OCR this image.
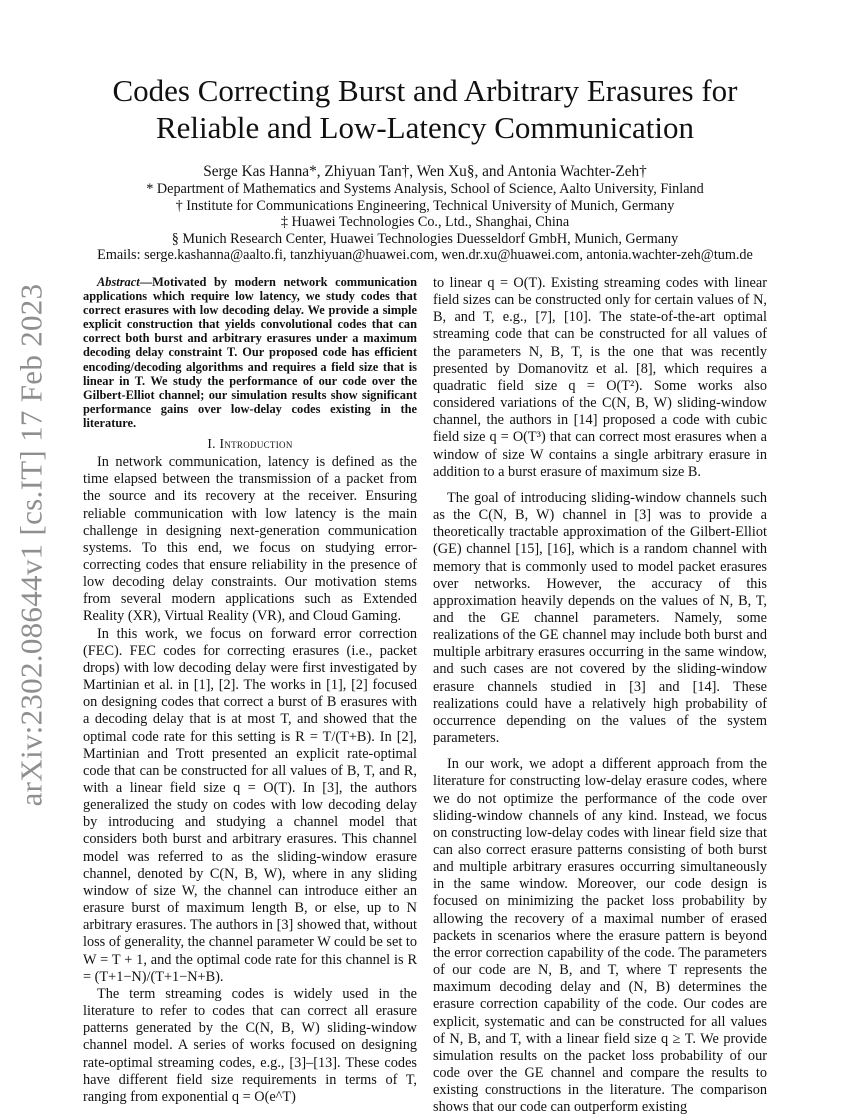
arXiv:2302.08644v1 [cs.IT] 17 Feb 2023
Codes Correcting Burst and Arbitrary Erasures for
Reliable and Low-Latency Communication
Serge Kas Hanna*, Zhiyuan Tan†, Wen Xu§, and Antonia Wachter-Zeh†
* Department of Mathematics and Systems Analysis, School of Science, Aalto University, Finland
† Institute for Communications Engineering, Technical University of Munich, Germany
‡ Huawei Technologies Co., Ltd., Shanghai, China
§ Munich Research Center, Huawei Technologies Duesseldorf GmbH, Munich, Germany
Emails: serge.kashanna@aalto.fi, tanzhiyuan@huawei.com, wen.dr.xu@huawei.com, antonia.wachter-zeh@tum.de

Abstract—Motivated by modern network communication applications which require low latency, we study codes that correct erasures with low decoding delay. We provide a simple explicit construction that yields convolutional codes that can correct both burst and arbitrary erasures under a maximum decoding delay constraint T. Our proposed code has efficient encoding/decoding algorithms and requires a field size that is linear in T. We study the performance of our code over the Gilbert-Elliot channel; our simulation results show significant performance gains over low-delay codes existing in the literature.

I. Introduction

In network communication, latency is defined as the time elapsed between the transmission of a packet from the source and its recovery at the receiver. Ensuring reliable communication with low latency is the main challenge in designing next-generation communication systems. To this end, we focus on studying error-correcting codes that ensure reliability in the presence of low decoding delay constraints. Our motivation stems from several modern applications such as Extended Reality (XR), Virtual Reality (VR), and Cloud Gaming.

In this work, we focus on forward error correction (FEC). FEC codes for correcting erasures (i.e., packet drops) with low decoding delay were first investigated by Martinian et al. in [1], [2]. The works in [1], [2] focused on designing codes that correct a burst of B erasures with a decoding delay that is at most T, and showed that the optimal code rate for this setting is R = T/(T+B). In [2], Martinian and Trott presented an explicit rate-optimal code that can be constructed for all values of B, T, and R, with a linear field size q = O(T). In [3], the authors generalized the study on codes with low decoding delay by introducing and studying a channel model that considers both burst and arbitrary erasures. This channel model was referred to as the sliding-window erasure channel, denoted by C(N, B, W), where in any sliding window of size W, the channel can introduce either an erasure burst of maximum length B, or else, up to N arbitrary erasures. The authors in [3] showed that, without loss of generality, the channel parameter W could be set to W = T + 1, and the optimal code rate for this channel is R = (T+1−N)/(T+1−N+B).

The term streaming codes is widely used in the literature to refer to codes that can correct all erasure patterns generated by the C(N, B, W) sliding-window channel model. A series of works focused on designing rate-optimal streaming codes, e.g., [3]–[13]. These codes have different field size requirements in terms of T, ranging from exponential q = O(e^T)

to linear q = O(T). Existing streaming codes with linear field sizes can be constructed only for certain values of N, B, and T, e.g., [7], [10]. The state-of-the-art optimal streaming code that can be constructed for all values of the parameters N, B, T, is the one that was recently presented by Domanovitz et al. [8], which requires a quadratic field size q = O(T²). Some works also considered variations of the C(N, B, W) sliding-window channel, the authors in [14] proposed a code with cubic field size q = O(T³) that can correct most erasures when a window of size W contains a single arbitrary erasure in addition to a burst erasure of maximum size B.

The goal of introducing sliding-window channels such as the C(N, B, W) channel in [3] was to provide a theoretically tractable approximation of the Gilbert-Elliot (GE) channel [15], [16], which is a random channel with memory that is commonly used to model packet erasures over networks. However, the accuracy of this approximation heavily depends on the values of N, B, T, and the GE channel parameters. Namely, some realizations of the GE channel may include both burst and multiple arbitrary erasures occurring in the same window, and such cases are not covered by the sliding-window erasure channels studied in [3] and [14]. These realizations could have a relatively high probability of occurrence depending on the values of the system parameters.

In our work, we adopt a different approach from the literature for constructing low-delay erasure codes, where we do not optimize the performance of the code over sliding-window channels of any kind. Instead, we focus on constructing low-delay codes with linear field size that can also correct erasure patterns consisting of both burst and multiple arbitrary erasures occurring simultaneously in the same window. Moreover, our code design is focused on minimizing the packet loss probability by allowing the recovery of a maximal number of erased packets in scenarios where the erasure pattern is beyond the error correction capability of the code. The parameters of our code are N, B, and T, where T represents the maximum decoding delay and (N, B) determines the erasure correction capability of the code. Our codes are explicit, systematic and can be constructed for all values of N, B, and T, with a linear field size q ≥ T. We provide simulation results on the packet loss probability of our code over the GE channel and compare the results to existing constructions in the literature. The comparison shows that our code can outperform existing
